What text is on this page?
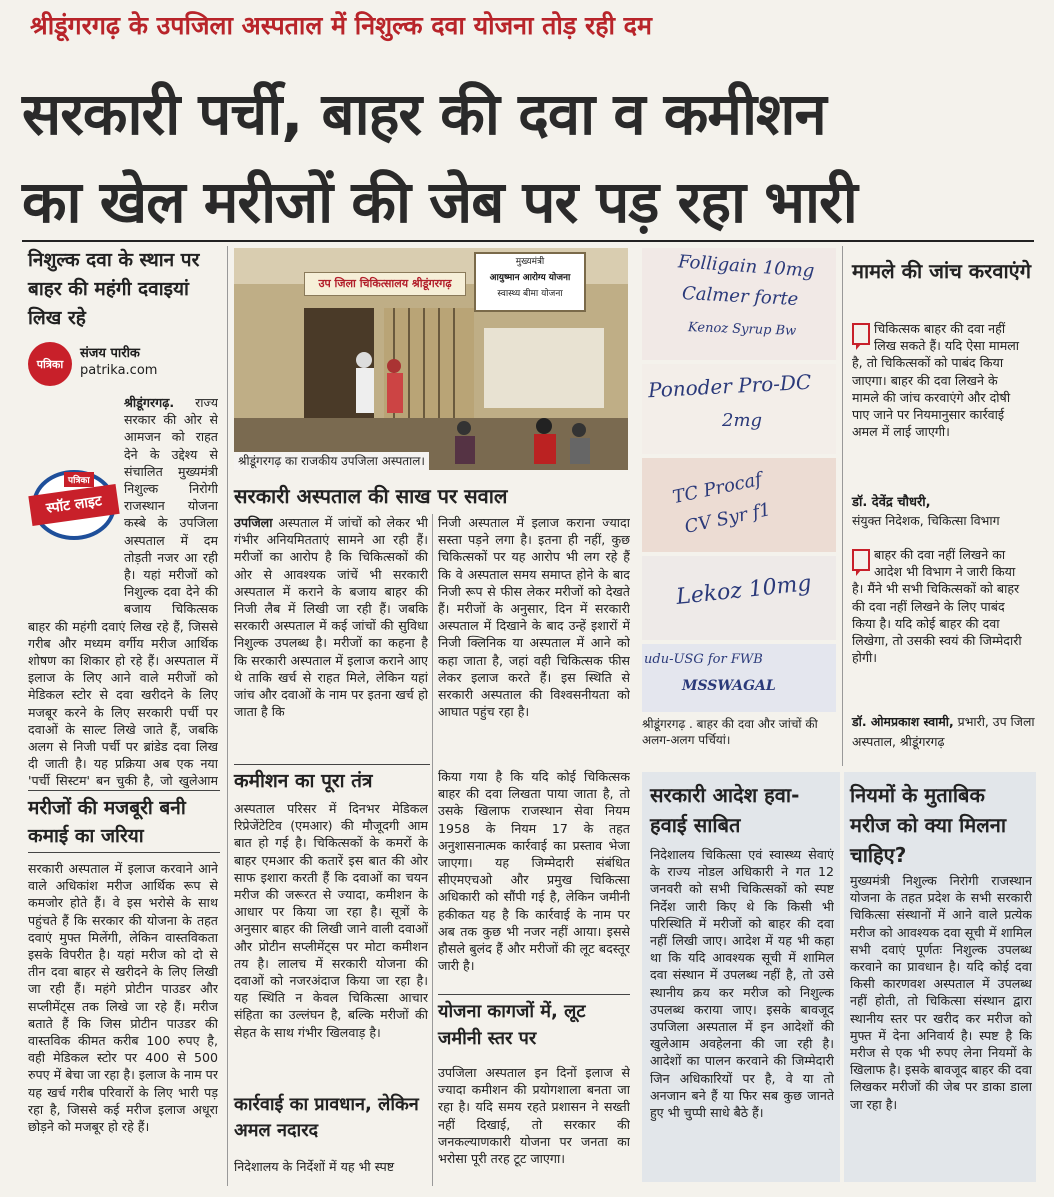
श्रीडूंगरगढ़ के उपजिला अस्पताल में निशुल्क दवा योजना तोड़ रही दम
सरकारी पर्ची, बाहर की दवा व कमीशन
का खेल मरीजों की जेब पर पड़ रहा भारी
निशुल्क दवा के स्थान पर बाहर की महंगी दवाइयां लिख रहे
पत्रिका
संजय पारीक
patrika.com
पत्रिका
स्पॉट लाइट

श्रीडूंगरगढ़. राज्य सरकार की ओर से आमजन को राहत देने के उद्देश्य से संचालित मुख्यमंत्री निशुल्क निरोगी राजस्थान योजना कस्बे के उपजिला अस्पताल में दम तोड़ती नजर आ रही है। यहां मरीजों को निशुल्क दवा देने की बजाय चिकित्सक बाहर की महंगी दवाएं लिख रहे हैं, जिससे गरीब और मध्यम वर्गीय मरीज आर्थिक शोषण का शिकार हो रहे हैं। अस्पताल में इलाज के लिए आने वाले मरीजों को मेडिकल स्टोर से दवा खरीदने के लिए मजबूर करने के लिए सरकारी पर्ची पर दवाओं के साल्ट लिखे जाते हैं, जबकि अलग से निजी पर्ची पर ब्रांडेड दवा लिख दी जाती है। यह प्रक्रिया अब एक नया 'पर्ची सिस्टम' बन चुकी है, जो खुलेआम

मरीजों की मजबूरी बनी कमाई का जरिया

सरकारी अस्पताल में इलाज करवाने आने वाले अधिकांश मरीज आर्थिक रूप से कमजोर होते हैं। वे इस भरोसे के साथ पहुंचते हैं कि सरकार की योजना के तहत दवाएं मुफ्त मिलेंगी, लेकिन वास्तविकता इसके विपरीत है। यहां मरीज को दो से तीन दवा बाहर से खरीदने के लिए लिखी जा रही हैं। महंगे प्रोटीन पाउडर और सप्लीमेंट्स तक लिखे जा रहे हैं। मरीज बताते हैं कि जिस प्रोटीन पाउडर की वास्तविक कीमत करीब 100 रुपए है, वही मेडिकल स्टोर पर 400 से 500 रुपए में बेचा जा रहा है। इलाज के नाम पर यह खर्च गरीब परिवारों के लिए भारी पड़ रहा है, जिससे कई मरीज इलाज अधूरा छोड़ने को मजबूर हो रहे हैं।

उप जिला चिकित्सालय श्रीडूंगरगढ़
मुख्यमंत्री
आयुष्मान आरोग्य योजना
स्वास्थ्य बीमा योजना
श्रीडूंगरगढ़ का राजकीय उपजिला अस्पताल।
सरकारी अस्पताल की साख पर सवाल

उपजिला अस्पताल में जांचों को लेकर भी गंभीर अनियमितताएं सामने आ रही हैं। मरीजों का आरोप है कि चिकित्सकों की ओर से आवश्यक जांचें भी सरकारी अस्पताल में कराने के बजाय बाहर की निजी लैब में लिखी जा रही हैं। जबकि सरकारी अस्पताल में कई जांचों की सुविधा निशुल्क उपलब्ध है। मरीजों का कहना है कि सरकारी अस्पताल में इलाज कराने आए थे ताकि खर्च से राहत मिले, लेकिन यहां जांच और दवाओं के नाम पर इतना खर्च हो जाता है कि

निजी अस्पताल में इलाज कराना ज्यादा सस्ता पड़ने लगा है। इतना ही नहीं, कुछ चिकित्सकों पर यह आरोप भी लग रहे हैं कि वे अस्पताल समय समाप्त होने के बाद निजी रूप से फीस लेकर मरीजों को देखते हैं। मरीजों के अनुसार, दिन में सरकारी अस्पताल में दिखाने के बाद उन्हें इशारों में निजी क्लिनिक या अस्पताल में आने को कहा जाता है, जहां वही चिकित्सक फीस लेकर इलाज करते हैं। इस स्थिति से सरकारी अस्पताल की विश्वसनीयता को आघात पहुंच रहा है।

कमीशन का पूरा तंत्र

अस्पताल परिसर में दिनभर मेडिकल रिप्रेजेंटेटिव (एमआर) की मौजूदगी आम बात हो गई है। चिकित्सकों के कमरों के बाहर एमआर की कतारें इस बात की ओर साफ इशारा करती हैं कि दवाओं का चयन मरीज की जरूरत से ज्यादा, कमीशन के आधार पर किया जा रहा है। सूत्रों के अनुसार बाहर की लिखी जाने वाली दवाओं और प्रोटीन सप्लीमेंट्स पर मोटा कमीशन तय है। लालच में सरकारी योजना की दवाओं को नजरअंदाज किया जा रहा है। यह स्थिति न केवल चिकित्सा आचार संहिता का उल्लंघन है, बल्कि मरीजों की सेहत के साथ गंभीर खिलवाड़ है।

कार्रवाई का प्रावधान, लेकिन अमल नदारद

निदेशालय के निर्देशों में यह भी स्पष्ट

किया गया है कि यदि कोई चिकित्सक बाहर की दवा लिखता पाया जाता है, तो उसके खिलाफ राजस्थान सेवा नियम 1958 के नियम 17 के तहत अनुशासनात्मक कार्रवाई का प्रस्ताव भेजा जाएगा। यह जिम्मेदारी संबंधित सीएमएचओ और प्रमुख चिकित्सा अधिकारी को सौंपी गई है, लेकिन जमीनी हकीकत यह है कि कार्रवाई के नाम पर अब तक कुछ भी नजर नहीं आया। इससे हौसले बुलंद हैं और मरीजों की लूट बदस्तूर जारी है।

योजना कागजों में, लूट जमीनी स्तर पर

उपजिला अस्पताल इन दिनों इलाज से ज्यादा कमीशन की प्रयोगशाला बनता जा रहा है। यदि समय रहते प्रशासन ने सख्ती नहीं दिखाई, तो सरकार की जनकल्याणकारी योजना पर जनता का भरोसा पूरी तरह टूट जाएगा।

Folligain 10mg
Calmer forte
Kenoz Syrup Bw
Ponoder Pro-DC
2mg
TC Procaf
CV Syr f1
Lekoz 10mg
udu-USG for FWB
MSSWAGAL
श्रीडूंगरगढ़ . बाहर की दवा और जांचों की अलग-अलग पर्चियां।
मामले की जांच करवाएंगे
चिकित्सक बाहर की दवा नहीं लिख सकते हैं। यदि ऐसा मामला है, तो चिकित्सकों को पाबंद किया जाएगा। बाहर की दवा लिखने के मामले की जांच करवाएंगे और दोषी पाए जाने पर नियमानुसार कार्रवाई अमल में लाई जाएगी।
डॉ. देवेंद्र चौधरी,
संयुक्त निदेशक, चिकित्सा विभाग
बाहर की दवा नहीं लिखने का आदेश भी विभाग ने जारी किया है। मैंने भी सभी चिकित्सकों को बाहर की दवा नहीं लिखने के लिए पाबंद किया है। यदि कोई बाहर की दवा लिखेगा, तो उसकी स्वयं की जिम्मेदारी होगी।
डॉ. ओमप्रकाश स्वामी, प्रभारी, उप जिला अस्पताल, श्रीडूंगरगढ़
सरकारी आदेश हवा-हवाई साबित

निदेशालय चिकित्सा एवं स्वास्थ्य सेवाएं के राज्य नोडल अधिकारी ने गत 12 जनवरी को सभी चिकित्सकों को स्पष्ट निर्देश जारी किए थे कि किसी भी परिस्थिति में मरीजों को बाहर की दवा नहीं लिखी जाए। आदेश में यह भी कहा था कि यदि आवश्यक सूची में शामिल दवा संस्थान में उपलब्ध नहीं है, तो उसे स्थानीय क्रय कर मरीज को निशुल्क उपलब्ध कराया जाए। इसके बावजूद उपजिला अस्पताल में इन आदेशों की खुलेआम अवहेलना की जा रही है। आदेशों का पालन करवाने की जिम्मेदारी जिन अधिकारियों पर है, वे या तो अनजान बने हैं या फिर सब कुछ जानते हुए भी चुप्पी साधे बैठे हैं।

नियमों के मुताबिक मरीज को क्या मिलना चाहिए?

मुख्यमंत्री निशुल्क निरोगी राजस्थान योजना के तहत प्रदेश के सभी सरकारी चिकित्सा संस्थानों में आने वाले प्रत्येक मरीज को आवश्यक दवा सूची में शामिल सभी दवाएं पूर्णतः निशुल्क उपलब्ध करवाने का प्रावधान है। यदि कोई दवा किसी कारणवश अस्पताल में उपलब्ध नहीं होती, तो चिकित्सा संस्थान द्वारा स्थानीय स्तर पर खरीद कर मरीज को मुफ्त में देना अनिवार्य है। स्पष्ट है कि मरीज से एक भी रुपए लेना नियमों के खिलाफ है। इसके बावजूद बाहर की दवा लिखकर मरीजों की जेब पर डाका डाला जा रहा है।
